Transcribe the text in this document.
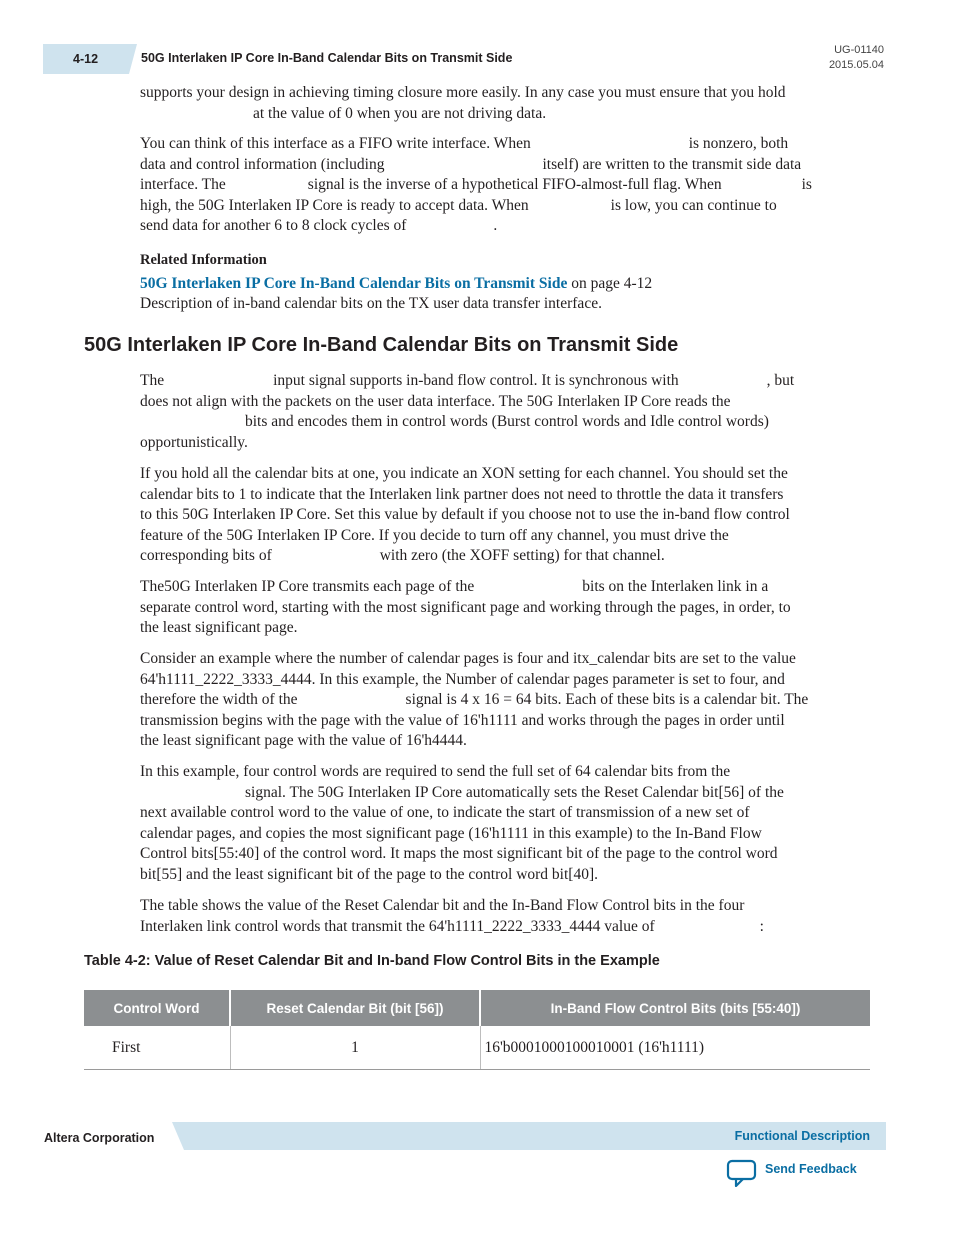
4-12	50G Interlaken IP Core In-Band Calendar Bits on Transmit Side
UG-01140
2015.05.04

supports your design in achieving timing closure more easily. In any case you must ensure that you hold
at the value of 0 when you are not driving data.

You can think of this interface as a FIFO write interface. When	is nonzero, both
data and control information (including	itself) are written to the transmit side data
interface. The	signal is the inverse of a hypothetical FIFO-almost-full flag. When	is
high, the 50G Interlaken IP Core is ready to accept data. When	is low, you can continue to
send data for another 6 to 8 clock cycles of	.

Related Information
50G Interlaken IP Core In-Band Calendar Bits on Transmit Side on page 4-12
Description of in-band calendar bits on the TX user data transfer interface.
50G Interlaken IP Core In-Band Calendar Bits on Transmit Side

The	input signal supports in-band flow control. It is synchronous with	, but
does not align with the packets on the user data interface. The 50G Interlaken IP Core reads the
bits and encodes them in control words (Burst control words and Idle control words)
opportunistically.

If you hold all the calendar bits at one, you indicate an XON setting for each channel. You should set the
calendar bits to 1 to indicate that the Interlaken link partner does not need to throttle the data it transfers
to this 50G Interlaken IP Core. Set this value by default if you choose not to use the in-band flow control
feature of the 50G Interlaken IP Core. If you decide to turn off any channel, you must drive the
corresponding bits of	with zero (the XOFF setting) for that channel.

The50G Interlaken IP Core transmits each page of the	bits on the Interlaken link in a
separate control word, starting with the most significant page and working through the pages, in order, to
the least significant page.

Consider an example where the number of calendar pages is four and itx_calendar bits are set to the value
64'h1111_2222_3333_4444. In this example, the Number of calendar pages parameter is set to four, and
therefore the width of the	signal is 4 x 16 = 64 bits. Each of these bits is a calendar bit. The
transmission begins with the page with the value of 16'h1111 and works through the pages in order until
the least significant page with the value of 16'h4444.

In this example, four control words are required to send the full set of 64 calendar bits from the
signal. The 50G Interlaken IP Core automatically sets the Reset Calendar bit[56] of the
next available control word to the value of one, to indicate the start of transmission of a new set of
calendar pages, and copies the most significant page (16'h1111 in this example) to the In-Band Flow
Control bits[55:40] of the control word. It maps the most significant bit of the page to the control word
bit[55] and the least significant bit of the page to the control word bit[40].

The table shows the value of the Reset Calendar bit and the In-Band Flow Control bits in the four
Interlaken link control words that transmit the 64'h1111_2222_3333_4444 value of	:

Table 4-2: Value of Reset Calendar Bit and In-band Flow Control Bits in the Example
Control Word	Reset Calendar Bit (bit [56])	In-Band Flow Control Bits (bits [55:40])
First	1	16'b0001000100010001 (16'h1111)
Altera Corporation	Functional Description
Send Feedback
